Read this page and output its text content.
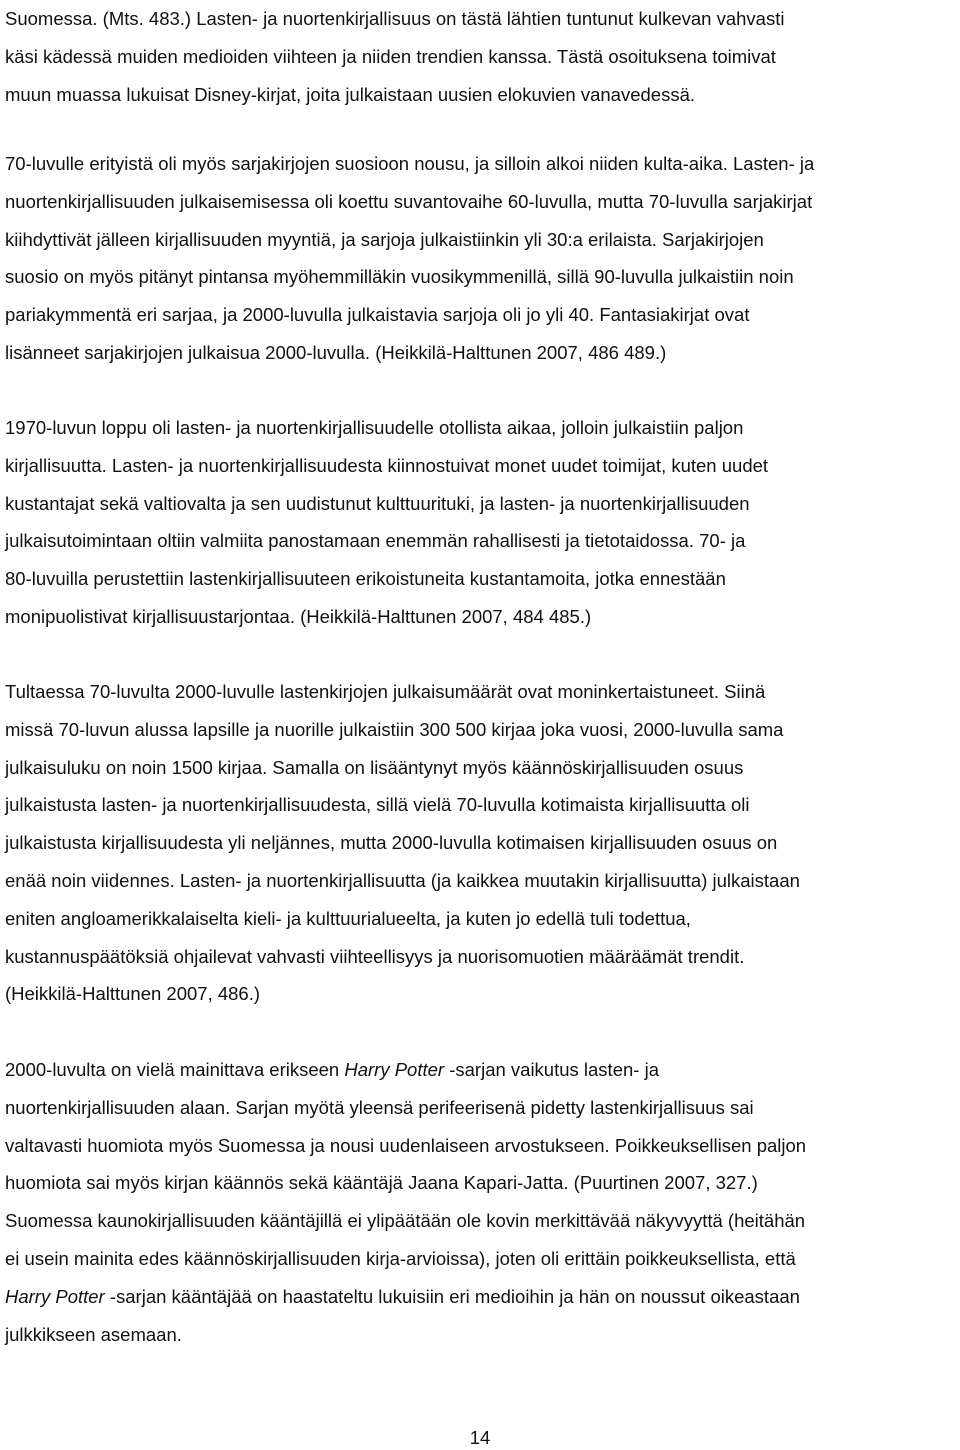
Suomessa. (Mts. 483.) Lasten- ja nuortenkirjallisuus on tästä lähtien tuntunut kulkevan vahvasti
käsi kädessä muiden medioiden viihteen ja niiden trendien kanssa. Tästä osoituksena toimivat
muun muassa lukuisat Disney-kirjat, joita julkaistaan uusien elokuvien vanavedessä.

70-luvulle erityistä oli myös sarjakirjojen suosioon nousu, ja silloin alkoi niiden kulta-aika. Lasten- ja
nuortenkirjallisuuden julkaisemisessa oli koettu suvantovaihe 60-luvulla, mutta 70-luvulla sarjakirjat
kiihdyttivät jälleen kirjallisuuden myyntiä, ja sarjoja julkaistiinkin yli 30:a erilaista. Sarjakirjojen
suosio on myös pitänyt pintansa myöhemmilläkin vuosikymmenillä, sillä 90-luvulla julkaistiin noin
pariakymmentä eri sarjaa, ja 2000-luvulla julkaistavia sarjoja oli jo yli 40. Fantasiakirjat ovat
lisänneet sarjakirjojen julkaisua 2000-luvulla. (Heikkilä-Halttunen 2007, 486 489.)

1970-luvun loppu oli lasten- ja nuortenkirjallisuudelle otollista aikaa, jolloin julkaistiin paljon
kirjallisuutta. Lasten- ja nuortenkirjallisuudesta kiinnostuivat monet uudet toimijat, kuten uudet
kustantajat sekä valtiovalta ja sen uudistunut kulttuurituki, ja lasten- ja nuortenkirjallisuuden
julkaisutoimintaan oltiin valmiita panostamaan enemmän rahallisesti ja tietotaidossa. 70- ja
80-luvuilla perustettiin lastenkirjallisuuteen erikoistuneita kustantamoita, jotka ennestään
monipuolistivat kirjallisuustarjontaa. (Heikkilä-Halttunen 2007, 484 485.)

Tultaessa 70-luvulta 2000-luvulle lastenkirjojen julkaisumäärät ovat moninkertaistuneet. Siinä
missä 70-luvun alussa lapsille ja nuorille julkaistiin 300 500 kirjaa joka vuosi, 2000-luvulla sama
julkaisuluku on noin 1500 kirjaa. Samalla on lisääntynyt myös käännöskirjallisuuden osuus
julkaistusta lasten- ja nuortenkirjallisuudesta, sillä vielä 70-luvulla kotimaista kirjallisuutta oli
julkaistusta kirjallisuudesta yli neljännes, mutta 2000-luvulla kotimaisen kirjallisuuden osuus on
enää noin viidennes. Lasten- ja nuortenkirjallisuutta (ja kaikkea muutakin kirjallisuutta) julkaistaan
eniten angloamerikkalaiselta kieli- ja kulttuurialueelta, ja kuten jo edellä tuli todettua,
kustannuspäätöksiä ohjailevat vahvasti viihteellisyys ja nuorisomuotien määräämät trendit.
(Heikkilä-Halttunen 2007, 486.)

2000-luvulta on vielä mainittava erikseen Harry Potter -sarjan vaikutus lasten- ja
nuortenkirjallisuuden alaan. Sarjan myötä yleensä perifeerisenä pidetty lastenkirjallisuus sai
valtavasti huomiota myös Suomessa ja nousi uudenlaiseen arvostukseen. Poikkeuksellisen paljon
huomiota sai myös kirjan käännös sekä kääntäjä Jaana Kapari-Jatta. (Puurtinen 2007, 327.)
Suomessa kaunokirjallisuuden kääntäjillä ei ylipäätään ole kovin merkittävää näkyvyyttä (heitähän
ei usein mainita edes käännöskirjallisuuden kirja-arvioissa), joten oli erittäin poikkeuksellista, että
Harry Potter -sarjan kääntäjää on haastateltu lukuisiin eri medioihin ja hän on noussut oikeastaan
julkkikseen asemaan.

14
